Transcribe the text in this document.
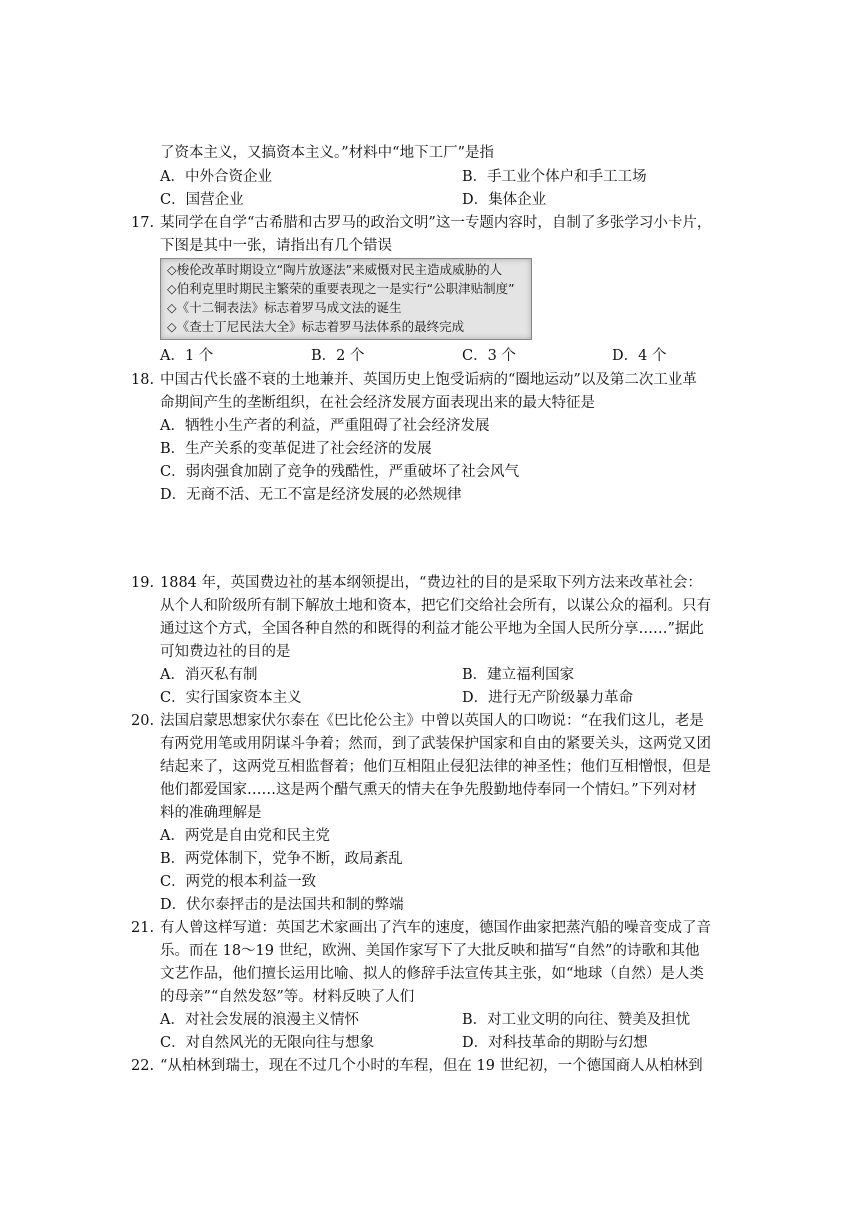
了资本主义，又搞资本主义。”材料中“地下工厂”是指
A．中外合资企业	B．手工业个体户和手工工场
C．国营企业	D．集体企业
17. 某同学在自学“古希腊和古罗马的政治文明”这一专题内容时，自制了多张学习小卡片，
下图是其中一张，请指出有几个错误
◇梭伦改革时期设立“陶片放逐法”来威慑对民主造成威胁的人
◇伯利克里时期民主繁荣的重要表现之一是实行“公职津贴制度”
◇《十二铜表法》标志着罗马成文法的诞生
◇《查士丁尼民法大全》标志着罗马法体系的最终完成
A．1 个	B．2 个	C．3 个	D．4 个
18. 中国古代长盛不衰的土地兼并、英国历史上饱受诟病的“圈地运动”以及第二次工业革
命期间产生的垄断组织，在社会经济发展方面表现出来的最大特征是
A．牺牲小生产者的利益，严重阻碍了社会经济发展
B．生产关系的变革促进了社会经济的发展
C．弱肉强食加剧了竞争的残酷性，严重破坏了社会风气
D．无商不活、无工不富是经济发展的必然规律
19. 1884 年，英国费边社的基本纲领提出，“费边社的目的是采取下列方法来改革社会：
从个人和阶级所有制下解放土地和资本，把它们交给社会所有，以谋公众的福利。只有
通过这个方式，全国各种自然的和既得的利益才能公平地为全国人民所分享……”据此
可知费边社的目的是
A．消灭私有制	B．建立福利国家
C．实行国家资本主义	D．进行无产阶级暴力革命
20. 法国启蒙思想家伏尔泰在《巴比伦公主》中曾以英国人的口吻说：“在我们这儿，老是
有两党用笔或用阴谋斗争着；然而，到了武装保护国家和自由的紧要关头，这两党又团
结起来了，这两党互相监督着；他们互相阻止侵犯法律的神圣性；他们互相憎恨，但是
他们都爱国家……这是两个醋气熏天的情夫在争先殷勤地侍奉同一个情妇。”下列对材
料的准确理解是
A．两党是自由党和民主党
B．两党体制下，党争不断，政局紊乱
C．两党的根本利益一致
D．伏尔泰抨击的是法国共和制的弊端
21. 有人曾这样写道：英国艺术家画出了汽车的速度，德国作曲家把蒸汽船的噪音变成了音
乐。而在 18～19 世纪，欧洲、美国作家写下了大批反映和描写“自然”的诗歌和其他
文艺作品，他们擅长运用比喻、拟人的修辞手法宣传其主张，如“地球（自然）是人类
的母亲”“自然发怒”等。材料反映了人们
A．对社会发展的浪漫主义情怀	B．对工业文明的向往、赞美及担忧
C．对自然风光的无限向往与想象	D．对科技革命的期盼与幻想
22. “从柏林到瑞士，现在不过几个小时的车程，但在 19 世纪初，一个德国商人从柏林到
